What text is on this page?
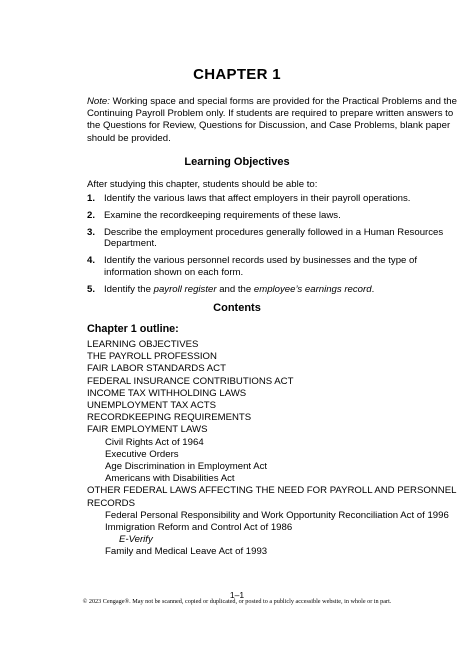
CHAPTER 1
Note: Working space and special forms are provided for the Practical Problems and the Continuing Payroll Problem only. If students are required to prepare written answers to the Questions for Review, Questions for Discussion, and Case Problems, blank paper should be provided.
Learning Objectives
After studying this chapter, students should be able to:
1. Identify the various laws that affect employers in their payroll operations.
2. Examine the recordkeeping requirements of these laws.
3. Describe the employment procedures generally followed in a Human Resources Department.
4. Identify the various personnel records used by businesses and the type of information shown on each form.
5. Identify the payroll register and the employee’s earnings record.
Contents
Chapter 1 outline:
LEARNING OBJECTIVES
THE PAYROLL PROFESSION
FAIR LABOR STANDARDS ACT
FEDERAL INSURANCE CONTRIBUTIONS ACT
INCOME TAX WITHHOLDING LAWS
UNEMPLOYMENT TAX ACTS
RECORDKEEPING REQUIREMENTS
FAIR EMPLOYMENT LAWS
Civil Rights Act of 1964
Executive Orders
Age Discrimination in Employment Act
Americans with Disabilities Act
OTHER FEDERAL LAWS AFFECTING THE NEED FOR PAYROLL AND PERSONNEL RECORDS
Federal Personal Responsibility and Work Opportunity Reconciliation Act of 1996
Immigration Reform and Control Act of 1986
E-Verify
Family and Medical Leave Act of 1993
1–1
© 2023 Cengage®. May not be scanned, copied or duplicated, or posted to a publicly accessible website, in whole or in part.
